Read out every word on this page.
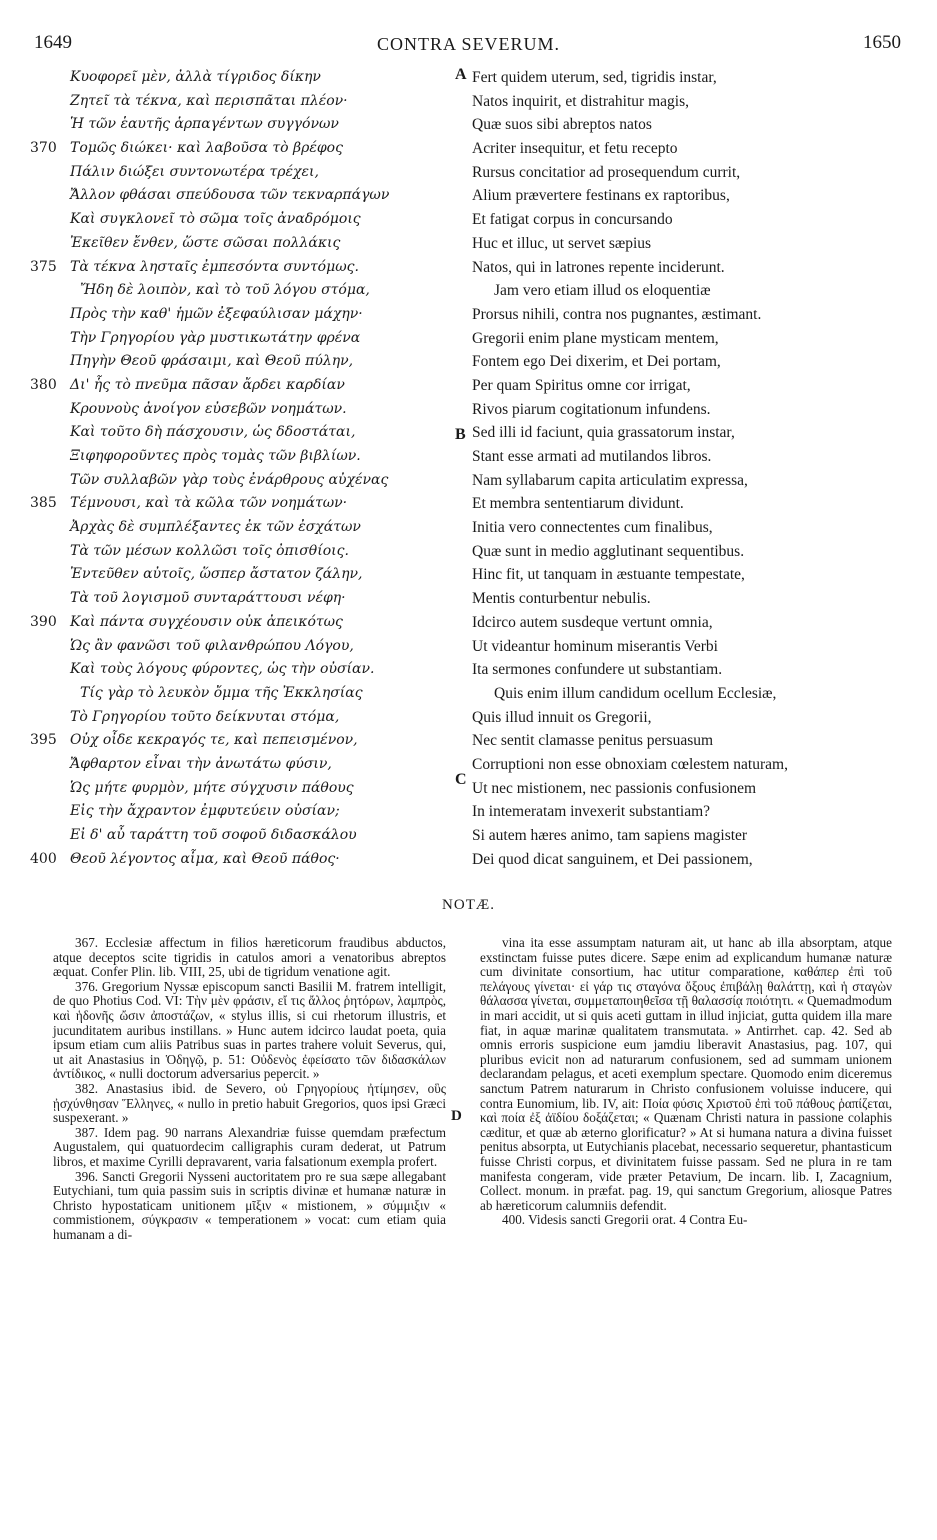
1649	CONTRA SEVERUM.	1650
Κυοφορεῖ μὲν, ἀλλὰ τίγριδος δίκην
Ζητεῖ τὰ τέκνα, καὶ περισπᾶται πλέον·
Ἡ τῶν ἑαυτῆς ἁρπαγέντων συγγόνων
370 Τομῶς διώκει· καὶ λαβοῦσα τὸ βρέφος
Πάλιν διώξει συντονωτέρα τρέχει,
Ἄλλον φθάσαι σπεύδουσα τῶν τεκναρπάγων
Καὶ συγκλονεῖ τὸ σῶμα τοῖς ἀναδρόμοις
Ἐκεῖθεν ἔνθεν, ὥστε σῶσαι πολλάκις
375 Τὰ τέκνα λησταῖς ἐμπεσόντα συντόμως.
Ἤδη δὲ λοιπὸν, καὶ τὸ τοῦ λόγου στόμα,
Πρὸς τὴν καθ' ἡμῶν ἐξεφαύλισαν μάχην·
Τὴν Γρηγορίου γὰρ μυστικωτάτην φρένα
Πηγὴν Θεοῦ φράσαιμι, καὶ Θεοῦ πύλην,
380 Δι' ἧς τὸ πνεῦμα πᾶσαν ἄρδει καρδίαν
Κρουνοὺς ἀνοίγον εὐσεβῶν νοημάτων.
Καὶ τοῦτο δὴ πάσχουσιν, ὡς δδοστάται,
Ξιφηφοροῦντες πρὸς τομὰς τῶν βιβλίων.
Τῶν συλλαβῶν γὰρ τοὺς ἐνάρθρους αὐχένας
385 Τέμνουσι, καὶ τὰ κῶλα τῶν νοημάτων·
Ἀρχὰς δὲ συμπλέξαντες ἐκ τῶν ἐσχάτων
Τὰ τῶν μέσων κολλῶσι τοῖς ὀπισθίοις.
Ἐντεῦθεν αὐτοῖς, ὥσπερ ἄστατον ζάλην,
Τὰ τοῦ λογισμοῦ συνταράττουσι νέφη·
390 Καὶ πάντα συγχέουσιν οὐκ ἀπεικότως
Ὡς ἂν φανῶσι τοῦ φιλανθρώπου Λόγου,
Καὶ τοὺς λόγους φύροντες, ὡς τὴν οὐσίαν.
Τίς γὰρ τὸ λευκὸν ὄμμα τῆς Ἐκκλησίας
Τὸ Γρηγορίου τοῦτο δείκνυται στόμα,
395 Οὐχ οἶδε κεκραγός τε, καὶ πεπεισμένον,
Ἄφθαρτον εἶναι τὴν ἀνωτάτω φύσιν,
Ὡς μήτε φυρμὸν, μήτε σύγχυσιν πάθους
Εἰς τὴν ἄχραντον ἐμφυτεύειν οὐσίαν;
Εἰ δ' αὖ ταράττη τοῦ σοφοῦ διδασκάλου
400 Θεοῦ λέγοντος αἷμα, καὶ Θεοῦ πάθος·
Fert quidem uterum, sed, tigridis instar,
Natos inquirit, et distrahitur magis,
Quæ suos sibi abreptos natos
Acriter insequitur, et fetu recepto
Rursus concitatior ad prosequendum currit,
Alium prævertere festinans ex raptoribus,
Et fatigat corpus in concursando
Huc et illuc, ut servet sæpius
Natos, qui in latrones repente inciderunt.
Jam vero etiam illud os eloquentiæ
Prorsus nihili, contra nos pugnantes, æstimant.
Gregorii enim plane mysticam mentem,
Fontem ego Dei dixerim, et Dei portam,
Per quam Spiritus omne cor irrigat,
Rivos piarum cogitationum infundens.
Sed illi id faciunt, quia grassatorum instar,
Stant esse armati ad mutilandos libros.
Nam syllabarum capita articulatim expressa,
Et membra sententiarum dividunt.
Initia vero connectentes cum finalibus,
Quæ sunt in medio agglutinant sequentibus.
Hinc fit, ut tanquam in æstuante tempestate,
Mentis conturbentur nebulis.
Idcirco autem susdeque vertunt omnia,
Ut videantur hominum miserantis Verbi
Ita sermones confundere ut substantiam.
Quis enim illum candidum ocellum Ecclesiæ,
Quis illud innuit os Gregorii,
Nec sentit clamasse penitus persuasum
Corruptioni non esse obnoxiam cœlestem naturam,
Ut nec mistionem, nec passionis confusionem
In intemeratam invexerit substantiam?
Si autem hæres animo, tam sapiens magister
Dei quod dicat sanguinem, et Dei passionem,
A
B
C
NOTÆ.

367. Ecclesiæ affectum in filios hæreticorum fraudibus abductos, atque deceptos scite tigridis in catulos amori a venatoribus abreptos æquat. Confer Plin. lib. VIII, 25, ubi de tigridum venatione agit.

376. Gregorium Nyssæ episcopum sancti Basilii M. fratrem intelligit, de quo Photius Cod. VI: Τὴν μὲν φράσιν, εἴ τις ἄλλος ῥητόρων, λαμπρὸς, καὶ ἡδονῆς ὤσιν ἀποστάζων, « stylus illis, si cui rhetorum illustris, et jucunditatem auribus instillans. » Hunc autem idcirco laudat poeta, quia ipsum etiam cum aliis Patribus suas in partes trahere voluit Severus, qui, ut ait Anastasius in Ὁδηγῷ, p. 51: Οὐδενὸς ἐφείσατο τῶν διδασκάλων ἀντίδικος, « nulli doctorum adversarius pepercit. »

382. Anastasius ibid. de Severo, οὐ Γρηγορίους ἠτίμησεν, οὓς ᾐσχύνθησαν Ἕλληνες, « nullo in pretio habuit Gregorios, quos ipsi Græci suspexerant. »

387. Idem pag. 90 narrans Alexandriæ fuisse quemdam præfectum Augustalem, qui quatuordecim calligraphis curam dederat, ut Patrum libros, et maxime Cyrilli depravarent, varia falsationum exempla profert.

396. Sancti Gregorii Nysseni auctoritatem pro re sua sæpe allegabant Eutychiani, tum quia passim suis in scriptis divinæ et humanæ naturæ in Christo hypostaticam unitionem μῖξιν « mistionem, » σύμμιξιν « commistionem, σύγκρασιν « temperationem » vocat: cum etiam quia humanam a di-

vina ita esse assumptam naturam ait, ut hanc ab illa absorptam, atque exstinctam fuisse putes dicere. Sæpe enim ad explicandum humanæ naturæ cum divinitate consortium, hac utitur comparatione, καθάπερ ἐπὶ τοῦ πελάγους γίνεται· εἰ γάρ τις σταγόνα ὄξους ἐπιβάλῃ θαλάττῃ, καὶ ἡ σταγὼν θάλασσα γίνεται, συμμεταποιηθεῖσα τῇ θαλασσίᾳ ποιότητι. « Quemadmodum in mari accidit, ut si quis aceti guttam in illud injiciat, gutta quidem illa mare fiat, in aquæ marinæ qualitatem transmutata. » Antirrhet. cap. 42. Sed ab omnis erroris suspicione eum jamdiu liberavit Anastasius, pag. 107, qui pluribus evicit non ad naturarum confusionem, sed ad summam unionem declarandam pelagus, et aceti exemplum spectare. Quomodo enim diceremus sanctum Patrem naturarum in Christo confusionem voluisse inducere, qui contra Eunomium, lib. IV, ait: Ποία φύσις Χριστοῦ ἐπὶ τοῦ πάθους ῥαπίζεται, καὶ ποία ἐξ ἀϊδίου δοξάζεται; « Quænam Christi natura in passione colaphis cæditur, et quæ ab æterno glorificatur? » At si humana natura a divina fuisset penitus absorpta, ut Eutychianis placebat, necessario sequeretur, phantasticum fuisse Christi corpus, et divinitatem fuisse passam. Sed ne plura in re tam manifesta congeram, vide præter Petavium, De incarn. lib. I, Zacagnium, Collect. monum. in præfat. pag. 19, qui sanctum Gregorium, aliosque Patres ab hæreticorum calumniis defendit.

400. Videsis sancti Gregorii orat. 4 Contra Eu-

D
